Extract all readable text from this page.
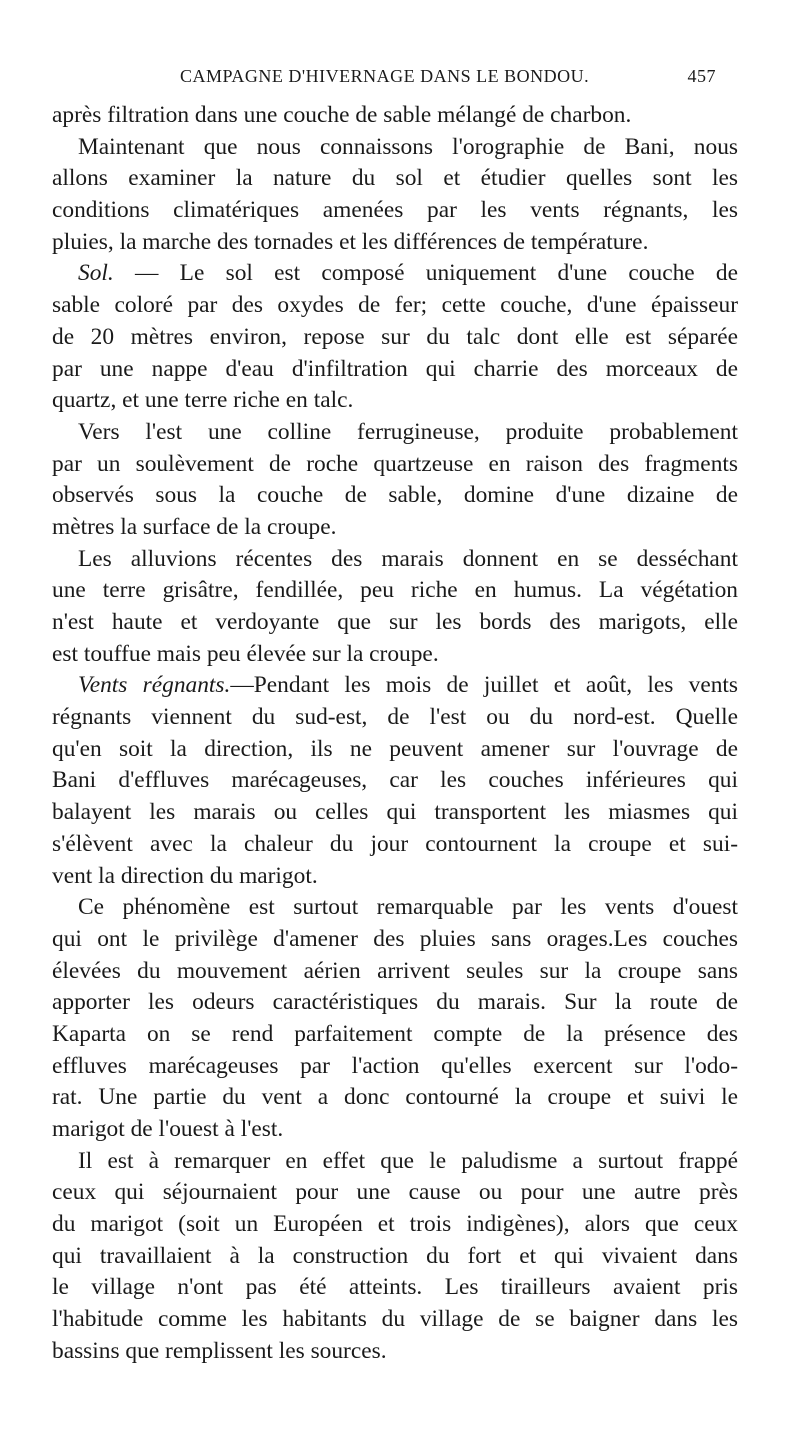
CAMPAGNE D'HIVERNAGE DANS LE BONDOU.	457
après filtration dans une couche de sable mélangé de charbon.
Maintenant que nous connaissons l'orographie de Bani, nous
allons examiner la nature du sol et étudier quelles sont les
conditions climatériques amenées par les vents régnants, les
pluies, la marche des tornades et les différences de température.
Sol. — Le sol est composé uniquement d'une couche de
sable coloré par des oxydes de fer; cette couche, d'une épaisseur
de 20 mètres environ, repose sur du talc dont elle est séparée
par une nappe d'eau d'infiltration qui charrie des morceaux de
quartz, et une terre riche en talc.
Vers l'est une colline ferrugineuse, produite probablement
par un soulèvement de roche quartzeuse en raison des fragments
observés sous la couche de sable, domine d'une dizaine de
mètres la surface de la croupe.
Les alluvions récentes des marais donnent en se desséchant
une terre grisâtre, fendillée, peu riche en humus. La végétation
n'est haute et verdoyante que sur les bords des marigots, elle
est touffue mais peu élevée sur la croupe.
Vents régnants.—Pendant les mois de juillet et août, les vents
régnants viennent du sud-est, de l'est ou du nord-est. Quelle
qu'en soit la direction, ils ne peuvent amener sur l'ouvrage de
Bani d'effluves marécageuses, car les couches inférieures qui
balayent les marais ou celles qui transportent les miasmes qui
s'élèvent avec la chaleur du jour contournent la croupe et sui-
vent la direction du marigot.
Ce phénomène est surtout remarquable par les vents d'ouest
qui ont le privilège d'amener des pluies sans orages.Les couches
élevées du mouvement aérien arrivent seules sur la croupe sans
apporter les odeurs caractéristiques du marais. Sur la route de
Kaparta on se rend parfaitement compte de la présence des
effluves marécageuses par l'action qu'elles exercent sur l'odo-
rat. Une partie du vent a donc contourné la croupe et suivi le
marigot de l'ouest à l'est.
Il est à remarquer en effet que le paludisme a surtout frappé
ceux qui séjournaient pour une cause ou pour une autre près
du marigot (soit un Européen et trois indigènes), alors que ceux
qui travaillaient à la construction du fort et qui vivaient dans
le village n'ont pas été atteints. Les tirailleurs avaient pris
l'habitude comme les habitants du village de se baigner dans les
bassins que remplissent les sources.
